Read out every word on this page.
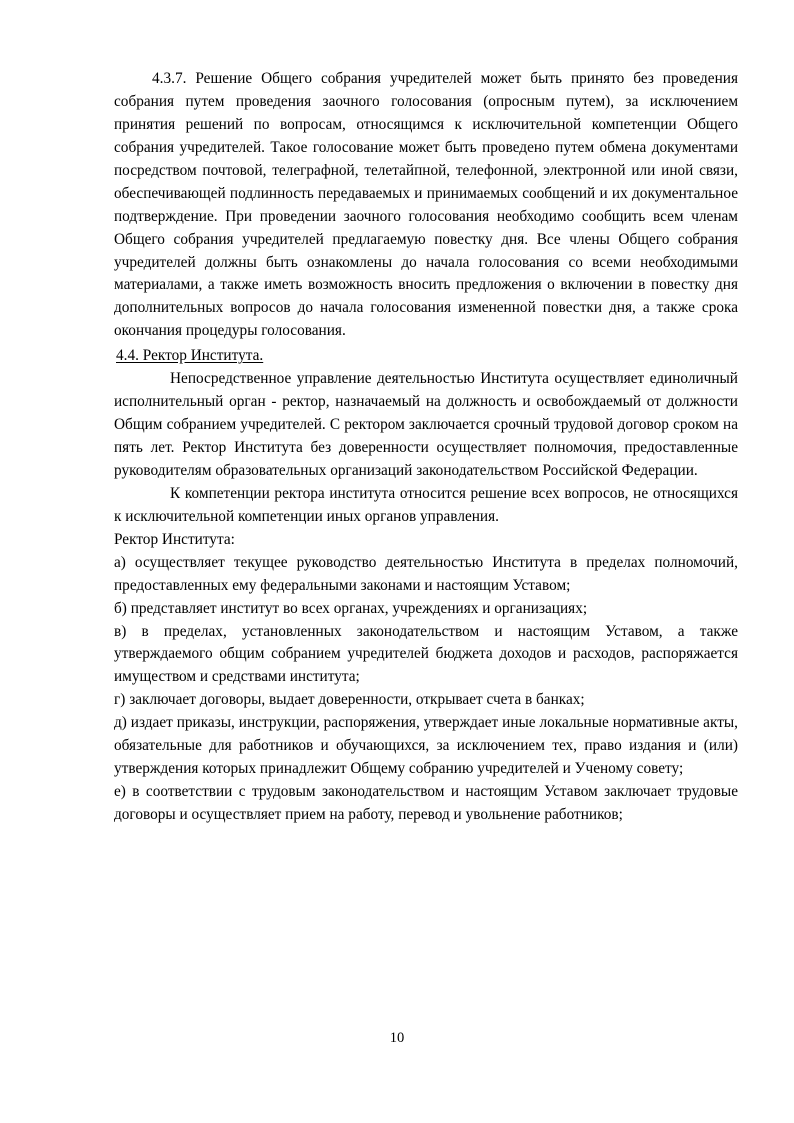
4.3.7. Решение Общего собрания учредителей может быть принято без проведения собрания путем проведения заочного голосования (опросным путем), за исключением принятия решений по вопросам, относящимся к исключительной компетенции Общего собрания учредителей. Такое голосование может быть проведено путем обмена документами посредством почтовой, телеграфной, телетайпной, телефонной, электронной или иной связи, обеспечивающей подлинность передаваемых и принимаемых сообщений и их документальное подтверждение. При проведении заочного голосования необходимо сообщить всем членам Общего собрания учредителей предлагаемую повестку дня. Все члены Общего собрания учредителей должны быть ознакомлены до начала голосования со всеми необходимыми материалами, а также иметь возможность вносить предложения о включении в повестку дня дополнительных вопросов до начала голосования измененной повестки дня, а также срока окончания процедуры голосования.

4.4. Ректор Института.

Непосредственное управление деятельностью Института осуществляет единоличный исполнительный орган - ректор, назначаемый на должность и освобождаемый от должности Общим собранием учредителей. С ректором заключается срочный трудовой договор сроком на пять лет. Ректор Института без доверенности осуществляет полномочия, предоставленные руководителям образовательных организаций законодательством Российской Федерации.

К компетенции ректора института относится решение всех вопросов, не относящихся к исключительной компетенции иных органов управления.

Ректор Института:

а) осуществляет текущее руководство деятельностью Института в пределах полномочий, предоставленных ему федеральными законами и настоящим Уставом;

б) представляет институт во всех органах, учреждениях и организациях;

в) в пределах, установленных законодательством и настоящим Уставом, а также утверждаемого общим собранием учредителей бюджета доходов и расходов, распоряжается имуществом и средствами института;

г) заключает договоры, выдает доверенности, открывает счета в банках;

д) издает приказы, инструкции, распоряжения, утверждает иные локальные нормативные акты, обязательные для работников и обучающихся, за исключением тех, право издания и (или) утверждения которых принадлежит Общему собранию учредителей и Ученому совету;

е) в соответствии с трудовым законодательством и настоящим Уставом заключает трудовые договоры и осуществляет прием на работу, перевод и увольнение работников;

10
